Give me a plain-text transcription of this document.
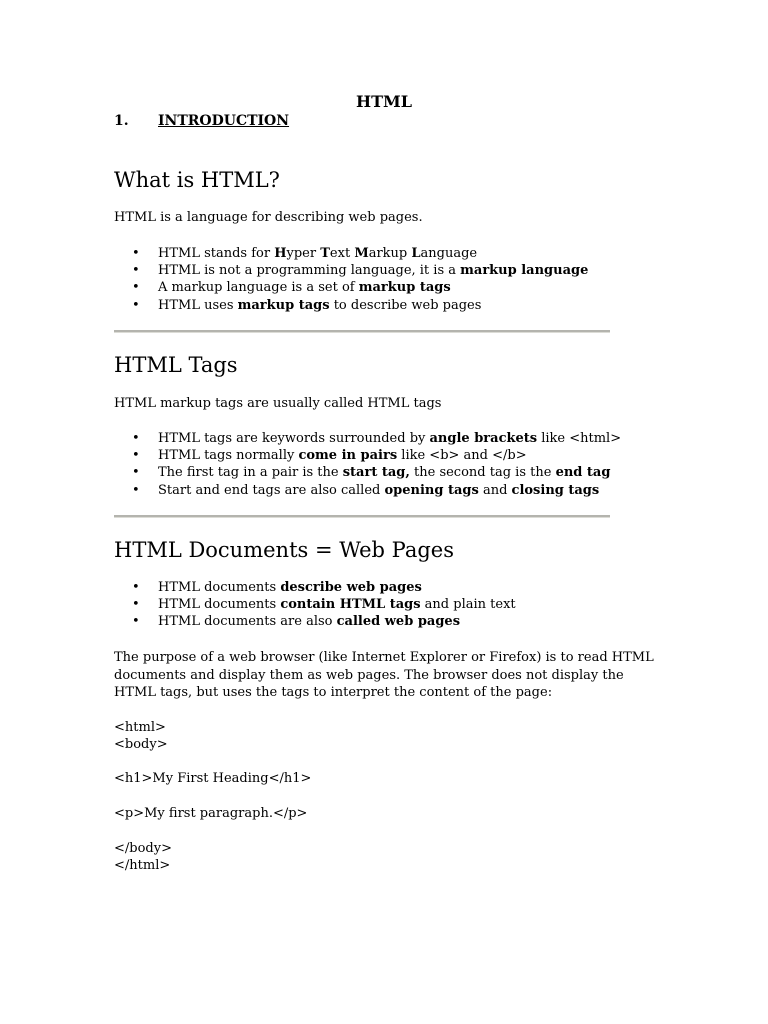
HTML
1. INTRODUCTION
What is HTML?

HTML is a language for describing web pages.

• HTML stands for Hyper Text Markup Language
• HTML is not a programming language, it is a markup language
• A markup language is a set of markup tags
• HTML uses markup tags to describe web pages
HTML Tags

HTML markup tags are usually called HTML tags

• HTML tags are keywords surrounded by angle brackets like <html>
• HTML tags normally come in pairs like <b> and </b>
• The first tag in a pair is the start tag, the second tag is the end tag
• Start and end tags are also called opening tags and closing tags
HTML Documents = Web Pages
• HTML documents describe web pages
• HTML documents contain HTML tags and plain text
• HTML documents are also called web pages

The purpose of a web browser (like Internet Explorer or Firefox) is to read HTML documents and display them as web pages. The browser does not display the HTML tags, but uses the tags to interpret the content of the page:

<html>
<body>
<h1>My First Heading</h1>
<p>My first paragraph.</p>
</body>
</html>
